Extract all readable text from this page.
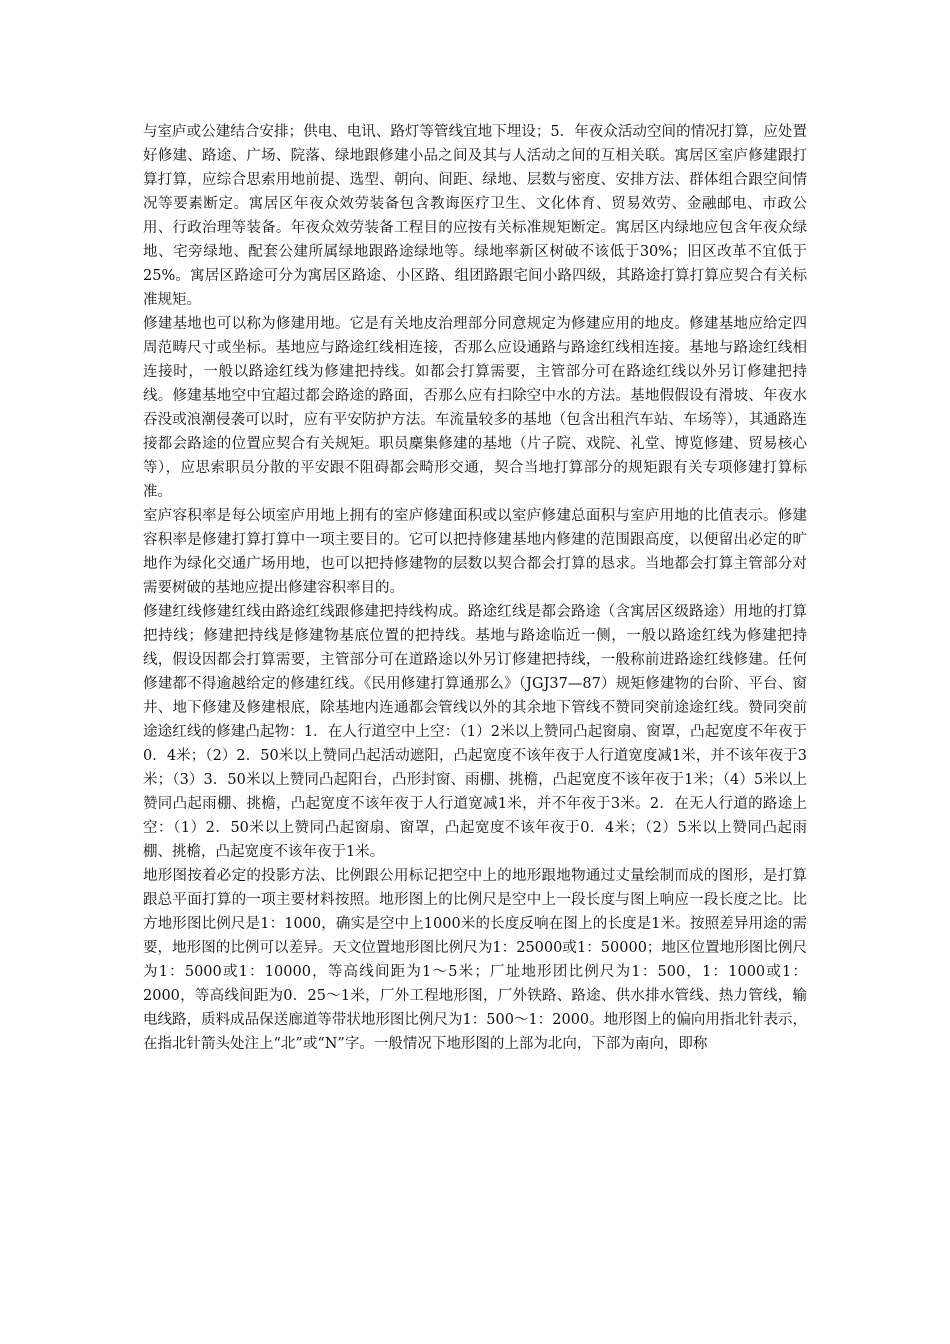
与室庐或公建结合安排；供电、电讯、路灯等管线宜地下埋设；5．年夜众活动空间的情况打算，应处置好修建、路途、广场、院落、绿地跟修建小品之间及其与人活动之间的互相关联。寓居区室庐修建跟打算打算，应综合思索用地前提、选型、朝向、间距、绿地、层数与密度、安排方法、群体组合跟空间情况等要素断定。寓居区年夜众效劳装备包含教诲医疗卫生、文化体育、贸易效劳、金融邮电、市政公用、行政治理等装备。年夜众效劳装备工程目的应按有关标准规矩断定。寓居区内绿地应包含年夜众绿地、宅旁绿地、配套公建所属绿地跟路途绿地等。绿地率新区树破不该低于30%；旧区改革不宜低于25%。寓居区路途可分为寓居区路途、小区路、组团路跟宅间小路四级，其路途打算打算应契合有关标准规矩。

修建基地也可以称为修建用地。它是有关地皮治理部分同意规定为修建应用的地皮。修建基地应给定四周范畴尺寸或坐标。基地应与路途红线相连接，否那么应设通路与路途红线相连接。基地与路途红线相连接时，一般以路途红线为修建把持线。如都会打算需要，主管部分可在路途红线以外另订修建把持线。修建基地空中宜超过都会路途的路面，否那么应有扫除空中水的方法。基地假假设有滑坡、年夜水吞没或浪潮侵袭可以时，应有平安防护方法。车流量较多的基地（包含出租汽车站、车场等），其通路连接都会路途的位置应契合有关规矩。职员麇集修建的基地（片子院、戏院、礼堂、博览修建、贸易核心等），应思索职员分散的平安跟不阻碍都会畸形交通，契合当地打算部分的规矩跟有关专项修建打算标准。

室庐容积率是每公顷室庐用地上拥有的室庐修建面积或以室庐修建总面积与室庐用地的比值表示。修建容积率是修建打算打算中一项主要目的。它可以把持修建基地内修建的范围跟高度，以便留出必定的旷地作为绿化交通广场用地，也可以把持修建物的层数以契合都会打算的恳求。当地都会打算主管部分对需要树破的基地应提出修建容积率目的。

修建红线修建红线由路途红线跟修建把持线构成。路途红线是都会路途（含寓居区级路途）用地的打算把持线；修建把持线是修建物基底位置的把持线。基地与路途临近一侧，一般以路途红线为修建把持线，假设因都会打算需要，主管部分可在道路途以外另订修建把持线，一般称前进路途红线修建。任何修建都不得逾越给定的修建红线。《民用修建打算通那么》（JGJ37—87）规矩修建物的台阶、平台、窗井、地下修建及修建根底，除基地内连通都会管线以外的其余地下管线不赞同突前途途红线。赞同突前途途红线的修建凸起物：1．在人行道空中上空：（1）2米以上赞同凸起窗扇、窗罩，凸起宽度不年夜于0．4米；（2）2．50米以上赞同凸起活动遮阳，凸起宽度不该年夜于人行道宽度减1米，并不该年夜于3米；（3）3．50米以上赞同凸起阳台，凸形封窗、雨棚、挑檐，凸起宽度不该年夜于1米；（4）5米以上赞同凸起雨棚、挑檐，凸起宽度不该年夜于人行道宽减1米，并不年夜于3米。2．在无人行道的路途上空：（1）2．50米以上赞同凸起窗扇、窗罩，凸起宽度不该年夜于0．4米；（2）5米以上赞同凸起雨棚、挑檐，凸起宽度不该年夜于1米。

地形图按着必定的投影方法、比例跟公用标记把空中上的地形跟地物通过丈量绘制而成的图形，是打算跟总平面打算的一项主要材料按照。地形图上的比例尺是空中上一段长度与图上响应一段长度之比。比方地形图比例尺是1：1000，确实是空中上1000米的长度反响在图上的长度是1米。按照差异用途的需要，地形图的比例可以差异。天文位置地形图比例尺为1：25000或1：50000；地区位置地形图比例尺为1：5000或1：10000，等高线间距为1～5米；厂址地形团比例尺为1：500，1：1000或1：2000，等高线间距为0．25～1米，厂外工程地形图，厂外铁路、路途、供水排水管线、热力管线，输电线路，质料成品保送廊道等带状地形图比例尺为1：500～1：2000。地形图上的偏向用指北针表示，在指北针箭头处注上“北”或“N”字。一般情况下地形图的上部为北向，下部为南向，即称
